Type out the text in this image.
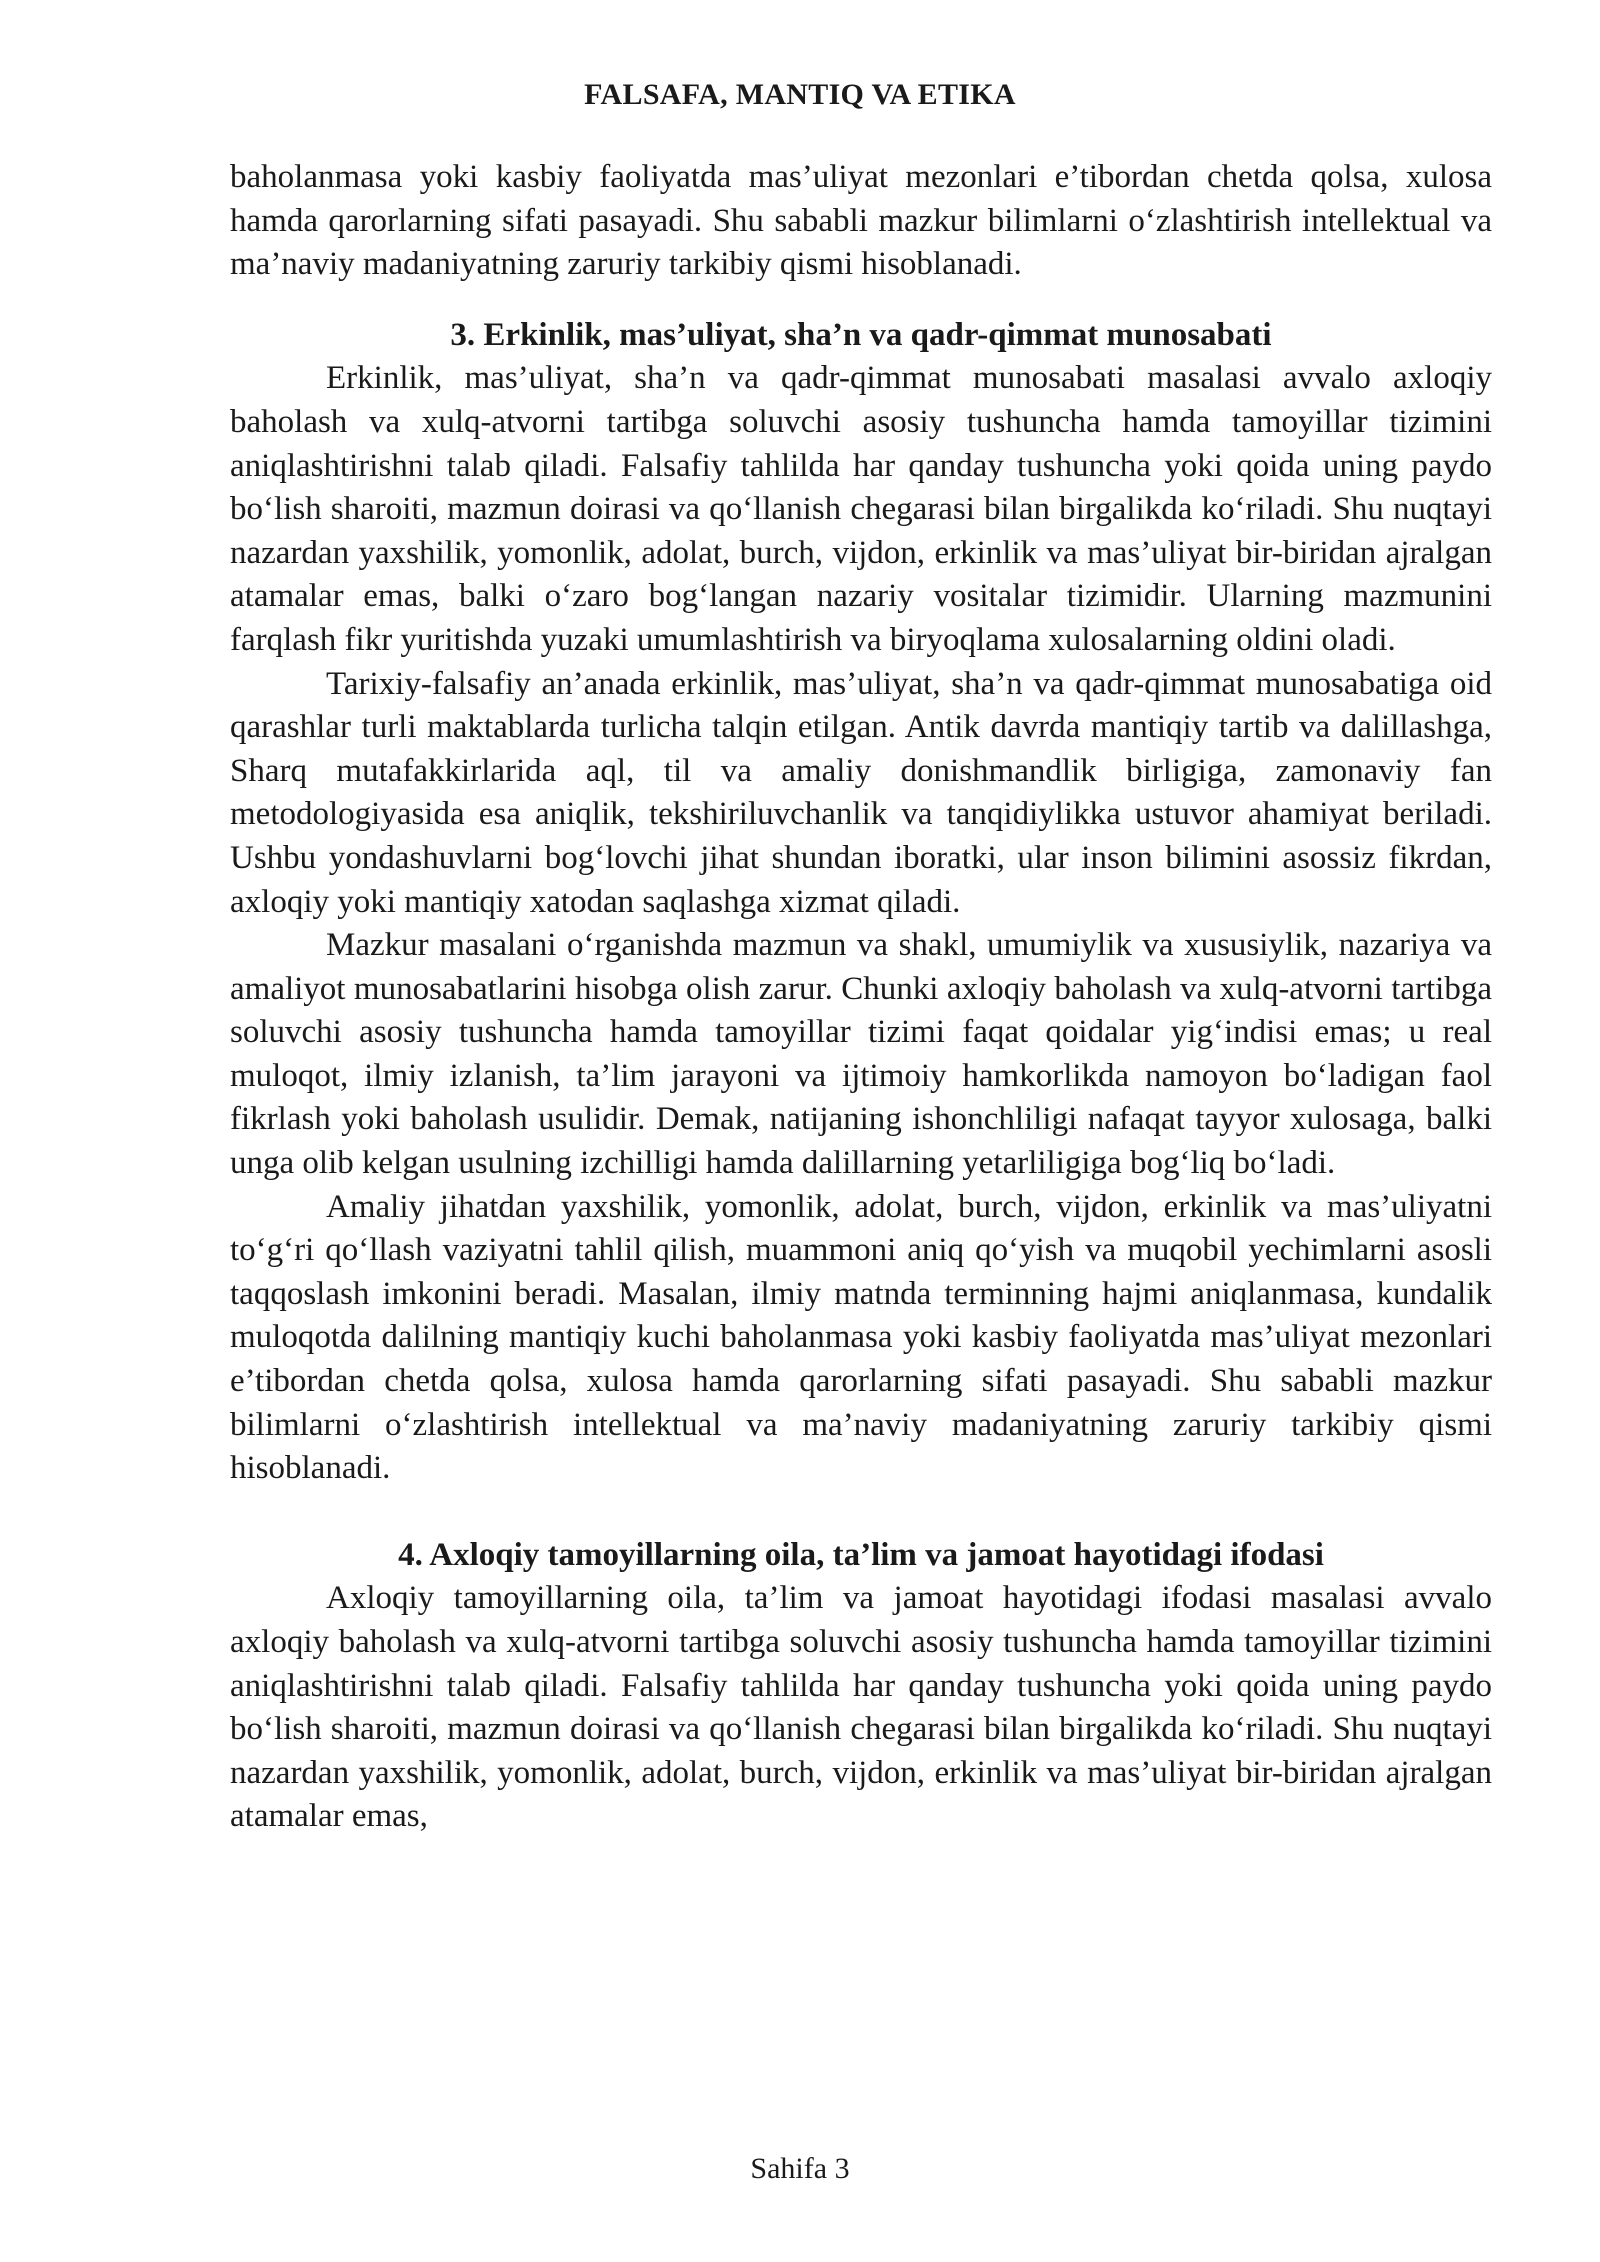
FALSAFA, MANTIQ VA ETIKA

baholanmasa yoki kasbiy faoliyatda mas’uliyat mezonlari e’tibordan chetda qolsa, xulosa hamda qarorlarning sifati pasayadi. Shu sababli mazkur bilimlarni o‘zlashtirish intellektual va ma’naviy madaniyatning zaruriy tarkibiy qismi hisoblanadi.

3. Erkinlik, mas’uliyat, sha’n va qadr-qimmat munosabati

Erkinlik, mas’uliyat, sha’n va qadr-qimmat munosabati masalasi avvalo axloqiy baholash va xulq-atvorni tartibga soluvchi asosiy tushuncha hamda tamoyillar tizimini aniqlashtirishni talab qiladi. Falsafiy tahlilda har qanday tushuncha yoki qoida uning paydo bo‘lish sharoiti, mazmun doirasi va qo‘llanish chegarasi bilan birgalikda ko‘riladi. Shu nuqtayi nazardan yaxshilik, yomonlik, adolat, burch, vijdon, erkinlik va mas’uliyat bir-biridan ajralgan atamalar emas, balki o‘zaro bog‘langan nazariy vositalar tizimidir. Ularning mazmunini farqlash fikr yuritishda yuzaki umumlashtirish va biryoqlama xulosalarning oldini oladi.

Tarixiy-falsafiy an’anada erkinlik, mas’uliyat, sha’n va qadr-qimmat munosabatiga oid qarashlar turli maktablarda turlicha talqin etilgan. Antik davrda mantiqiy tartib va dalillashga, Sharq mutafakkirlarida aql, til va amaliy donishmandlik birligiga, zamonaviy fan metodologiyasida esa aniqlik, tekshiriluvchanlik va tanqidiylikka ustuvor ahamiyat beriladi. Ushbu yondashuvlarni bog‘lovchi jihat shundan iboratki, ular inson bilimini asossiz fikrdan, axloqiy yoki mantiqiy xatodan saqlashga xizmat qiladi.

Mazkur masalani o‘rganishda mazmun va shakl, umumiylik va xususiylik, nazariya va amaliyot munosabatlarini hisobga olish zarur. Chunki axloqiy baholash va xulq-atvorni tartibga soluvchi asosiy tushuncha hamda tamoyillar tizimi faqat qoidalar yig‘indisi emas; u real muloqot, ilmiy izlanish, ta’lim jarayoni va ijtimoiy hamkorlikda namoyon bo‘ladigan faol fikrlash yoki baholash usulidir. Demak, natijaning ishonchliligi nafaqat tayyor xulosaga, balki unga olib kelgan usulning izchilligi hamda dalillarning yetarliligiga bog‘liq bo‘ladi.

Amaliy jihatdan yaxshilik, yomonlik, adolat, burch, vijdon, erkinlik va mas’uliyatni to‘g‘ri qo‘llash vaziyatni tahlil qilish, muammoni aniq qo‘yish va muqobil yechimlarni asosli taqqoslash imkonini beradi. Masalan, ilmiy matnda terminning hajmi aniqlanmasa, kundalik muloqotda dalilning mantiqiy kuchi baholanmasa yoki kasbiy faoliyatda mas’uliyat mezonlari e’tibordan chetda qolsa, xulosa hamda qarorlarning sifati pasayadi. Shu sababli mazkur bilimlarni o‘zlashtirish intellektual va ma’naviy madaniyatning zaruriy tarkibiy qismi hisoblanadi.

4. Axloqiy tamoyillarning oila, ta’lim va jamoat hayotidagi ifodasi

Axloqiy tamoyillarning oila, ta’lim va jamoat hayotidagi ifodasi masalasi avvalo axloqiy baholash va xulq-atvorni tartibga soluvchi asosiy tushuncha hamda tamoyillar tizimini aniqlashtirishni talab qiladi. Falsafiy tahlilda har qanday tushuncha yoki qoida uning paydo bo‘lish sharoiti, mazmun doirasi va qo‘llanish chegarasi bilan birgalikda ko‘riladi. Shu nuqtayi nazardan yaxshilik, yomonlik, adolat, burch, vijdon, erkinlik va mas’uliyat bir-biridan ajralgan atamalar emas,

Sahifa 3
